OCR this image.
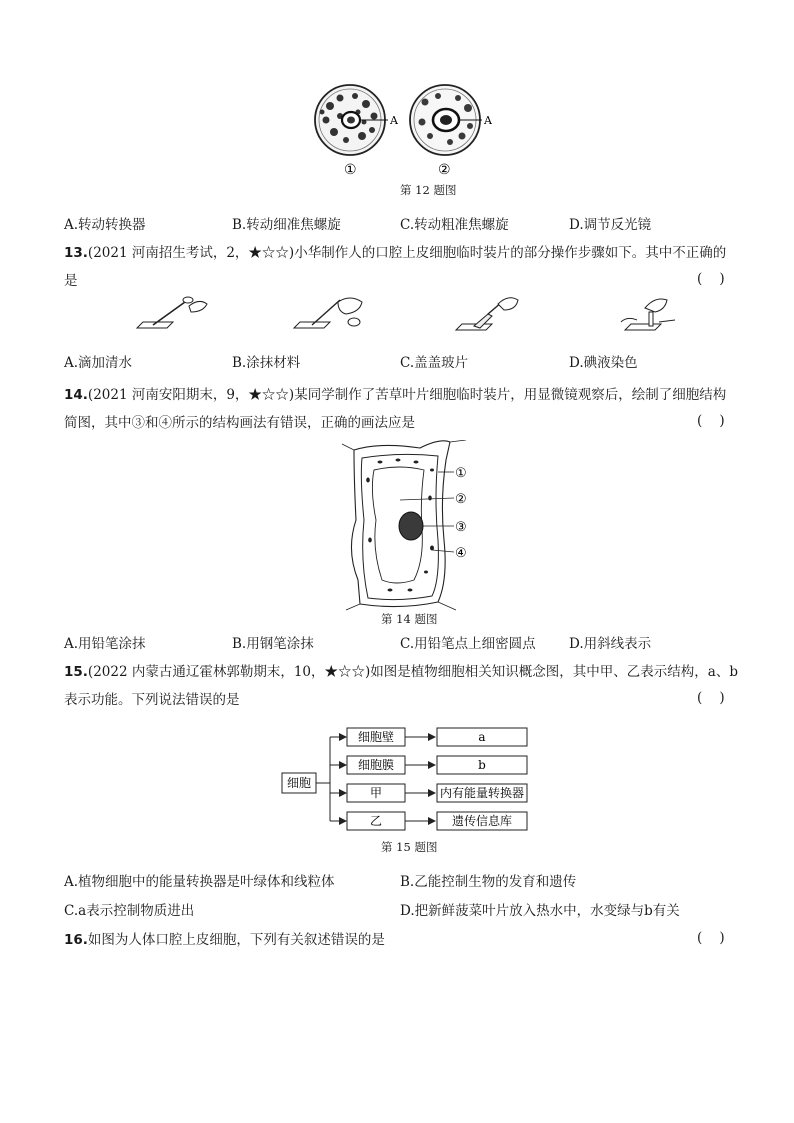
A
①
A
②
第 12 题图
A.转动转换器	B.转动细准焦螺旋	C.转动粗准焦螺旋	D.调节反光镜
13.(2021 河南招生考试，2，★☆☆)小华制作人的口腔上皮细胞临时装片的部分操作步骤如下。其中不正确的
是	(    )
A.滴加清水	B.涂抹材料	C.盖盖玻片	D.碘液染色
14.(2021 河南安阳期末，9，★☆☆)某同学制作了苦草叶片细胞临时装片，用显微镜观察后，绘制了细胞结构
简图，其中③和④所示的结构画法有错误，正确的画法应是	(    )
①
②
③
④
第 14 题图
A.用铅笔涂抹	B.用钢笔涂抹	C.用铅笔点上细密圆点 D.用斜线表示
15.(2022 内蒙古通辽霍林郭勒期末，10，★☆☆)如图是植物细胞相关知识概念图，其中甲、乙表示结构，a、b
表示功能。下列说法错误的是	(    )
细胞
细胞壁
细胞膜
甲
乙
a
b
内有能量转换器
遗传信息库
第 15 题图
A.植物细胞中的能量转换器是叶绿体和线粒体	B.乙能控制生物的发育和遗传
C.a表示控制物质进出	D.把新鲜菠菜叶片放入热水中，水变绿与b有关
16.如图为人体口腔上皮细胞，下列有关叙述错误的是	(    )
